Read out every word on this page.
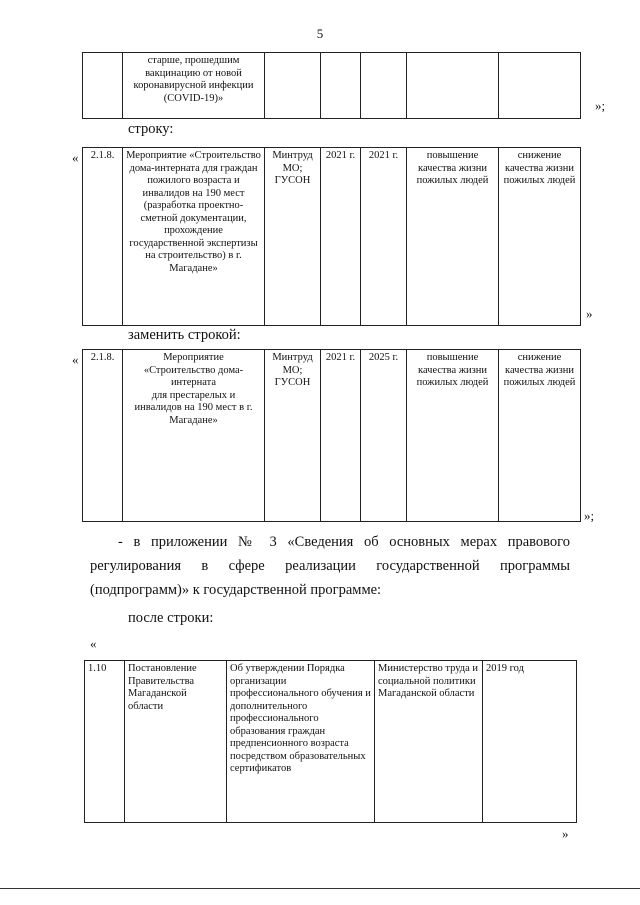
5
	старше, прошедшим вакцинацию от новой коронавирусной инфекции (COVID-19)»						»;
строку:
« 2.1.8.	Мероприятие «Строительство дома-интерната для граждан пожилого возраста и инвалидов на 190 мест (разработка проектно-сметной документации, прохождение государственной экспертизы на строительство) в г. Магадане»	Минтруд МО; ГУСОН	2021 г.	2021 г.	повышение качества жизни пожилых людей	снижение качества жизни пожилых людей
»
заменить строкой:
« 2.1.8.	Мероприятие
«Строительство дома-
интерната
для престарелых и
инвалидов на 190 мест в г.
Магадане»
	Минтруд МО; ГУСОН	2021 г.	2025 г.	повышение качества жизни пожилых людей	снижение качества жизни пожилых людей
»;
- в приложении № 3 «Сведения об основных мерах правового регулирования в сфере реализации государственной программы (подпрограмм)» к государственной программе:
после строки:
«
1.10	Постановление Правительства Магаданской области	Об утверждении Порядка организации профессионального обучения и дополнительного профессионального образования граждан предпенсионного возраста посредством образовательных сертификатов	Министерство труда и социальной политики Магаданской области	2019 год
»
